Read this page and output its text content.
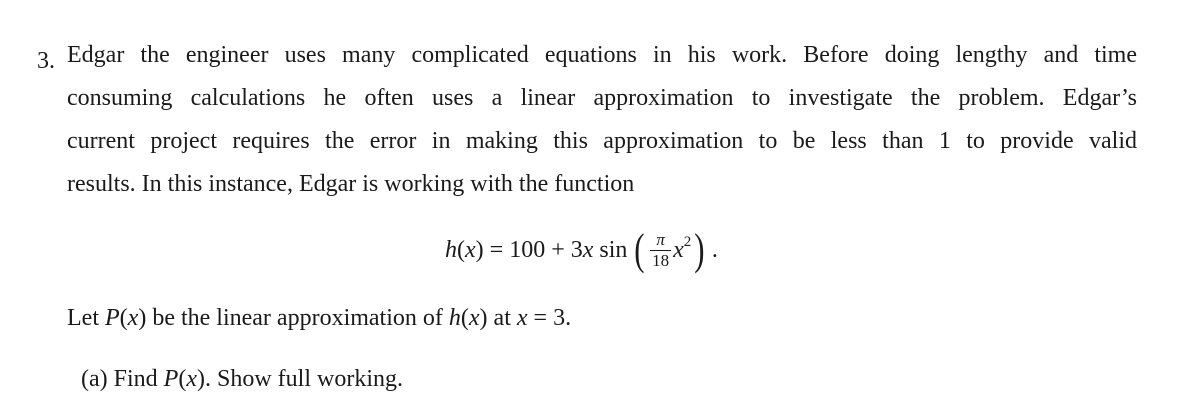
3. Edgar the engineer uses many complicated equations in his work. Before doing lengthy and time
consuming calculations he often uses a linear approximation to investigate the problem. Edgar’s
current project requires the error in making this approximation to be less than 1 to provide valid
results. In this instance, Edgar is working with the function
h (x) = 100 + 3 x sin ( $\frac{\pi}{18} x^2$ ) .
Let P(x) be the linear approximation of h(x) at x = 3.
(a) Find P(x). Show full working.
